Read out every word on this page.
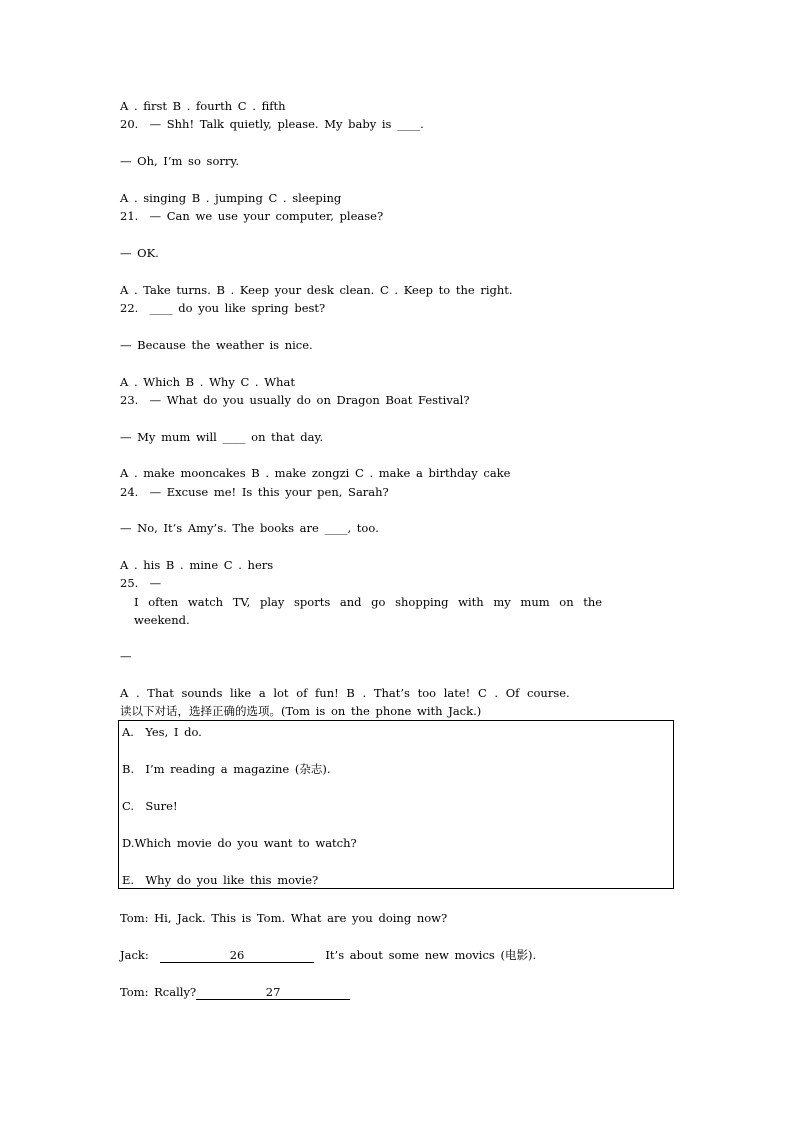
A . first B . fourth C . fifth
20.  — Shh! Talk quietly, please. My baby is ____.
— Oh, I’m so sorry.
A . singing B . jumping C . sleeping
21.  — Can we use your computer, please?
— OK.
A . Take turns. B . Keep your desk clean. C . Keep to the right.
22.  ____ do you like spring best?
— Because the weather is nice.
A . Which B . Why C . What
23.  — What do you usually do on Dragon Boat Festival?
— My mum will ____ on that day.
A . make mooncakes B . make zongzi C . make a birthday cake
24.  — Excuse me! Is this your pen, Sarah?
— No, It’s Amy’s. The books are ____, too.
A . his B . mine C . hers
25.  —
I often watch TV, play sports and go shopping with my mum on the
weekend.
—
A . That sounds like a lot of fun! B . That’s too late! C . Of course.
读以下对话，选择正确的选项。(Tom is on the phone with Jack.)
A.  Yes, I do.
B.  I’m reading a magazine (杂志).
C.  Sure!
D.Which movie do you want to watch?
E.  Why do you like this movie?
Tom: Hi, Jack. This is Tom. What are you doing now?
Jack:	26	It’s about some new movics (电影).
Tom: Rcally?	27
